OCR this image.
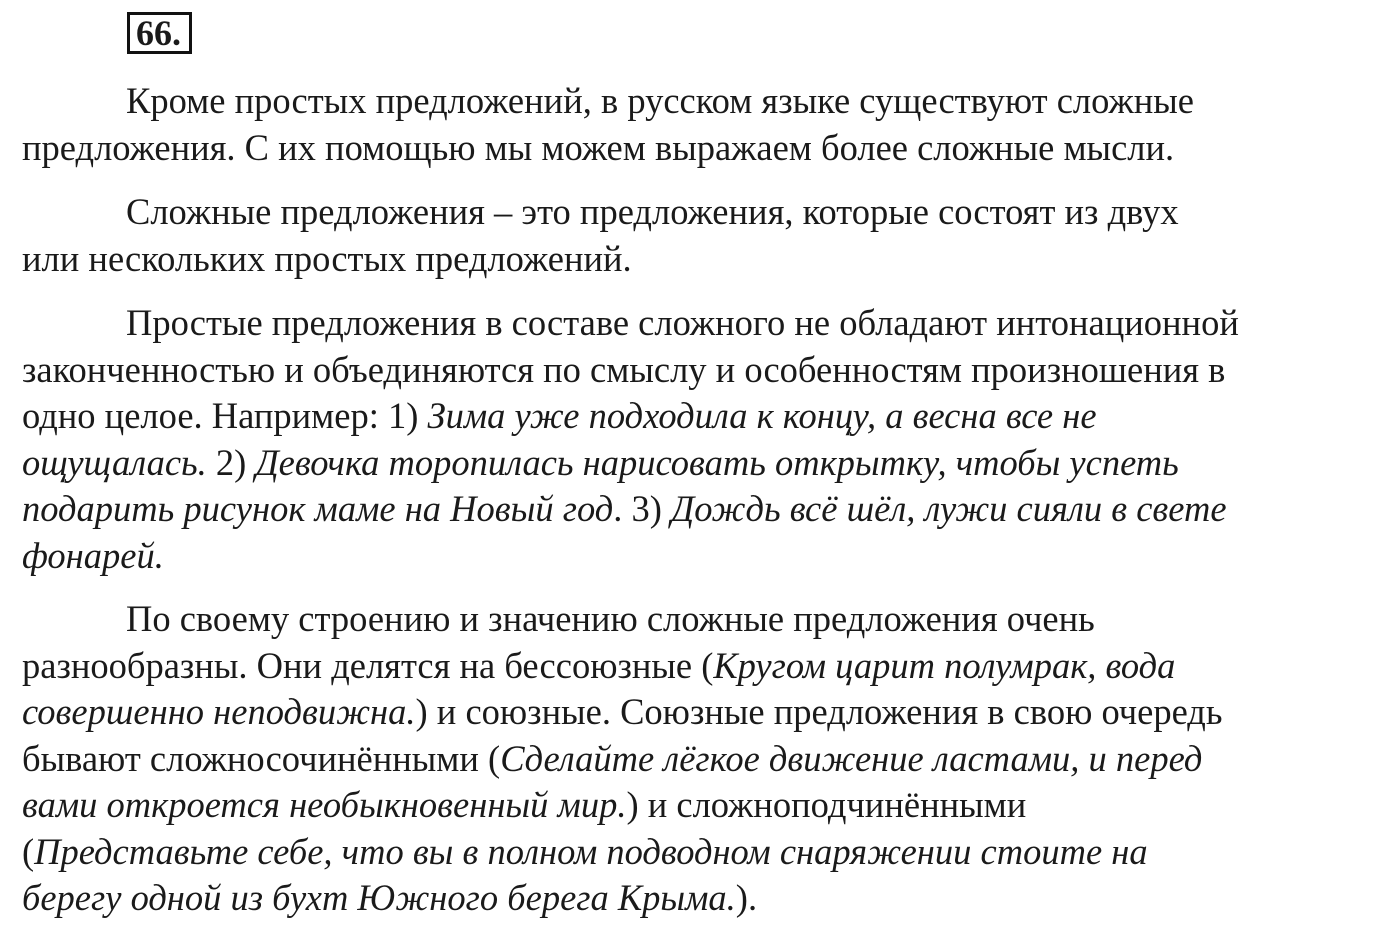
66.

Кроме простых предложений, в русском языке существуют сложные
предложения. С их помощью мы можем выражаем более сложные мысли.

Сложные предложения – это предложения, которые состоят из двух
или нескольких простых предложений.

Простые предложения в составе сложного не обладают интонационной
законченностью и объединяются по смыслу и особенностям произношения в
одно целое. Например: 1) Зима уже подходила к концу, а весна все не
ощущалась. 2) Девочка торопилась нарисовать открытку, чтобы успеть
подарить рисунок маме на Новый год. 3) Дождь всё шёл, лужи сияли в свете
фонарей.

По своему строению и значению сложные предложения очень
разнообразны. Они делятся на бессоюзные (Кругом царит полумрак, вода
совершенно неподвижна.) и союзные. Союзные предложения в свою очередь
бывают сложносочинёнными (Сделайте лёгкое движение ластами, и перед
вами откроется необыкновенный мир.) и сложноподчинёнными
(Представьте себе, что вы в полном подводном снаряжении стоите на
берегу одной из бухт Южного берега Крыма.).
